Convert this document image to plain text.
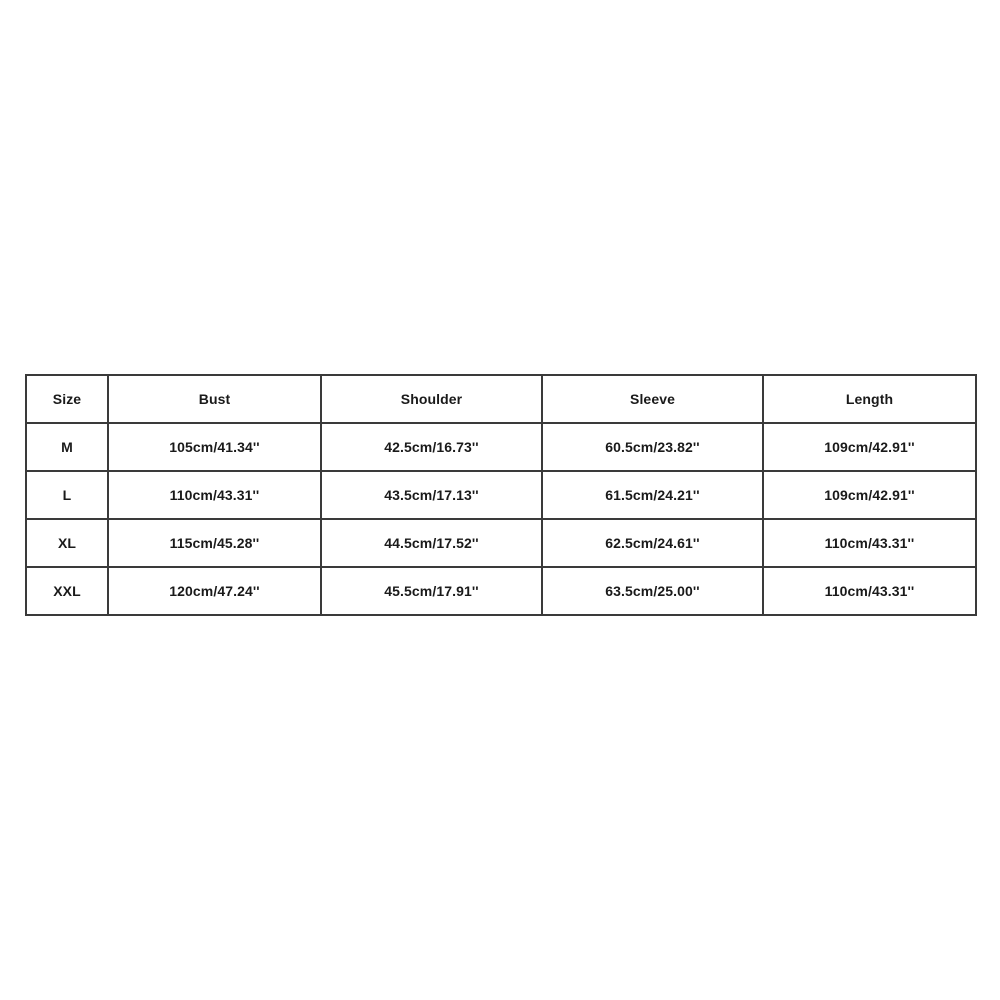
Size	Bust	Shoulder	Sleeve	Length
M	105cm/41.34''	42.5cm/16.73''	60.5cm/23.82''	109cm/42.91''
L	110cm/43.31''	43.5cm/17.13''	61.5cm/24.21''	109cm/42.91''
XL	115cm/45.28''	44.5cm/17.52''	62.5cm/24.61''	110cm/43.31''
XXL	120cm/47.24''	45.5cm/17.91''	63.5cm/25.00''	110cm/43.31''
